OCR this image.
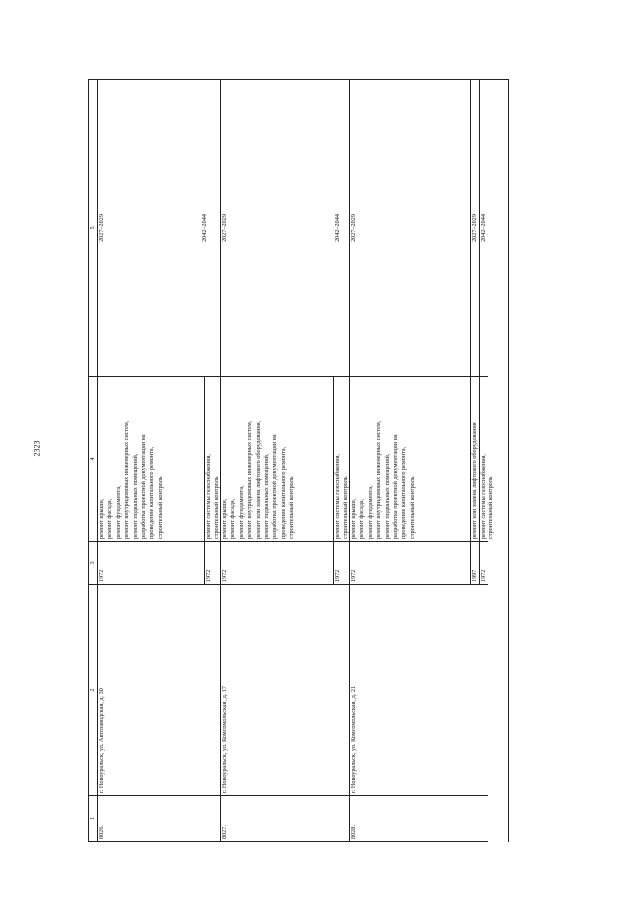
2323
1
2
3
4
5
8026.
г. Новоуральск, ул. Автозаводская, д. 30
1972
ремонт крыши, ремонт фасада, ремонт фундамента, ремонт внутридомовых инженерных систем, ремонт подвальных помещений, разработка проектной документации на проведение капитального ремонта, строительный контроль
2027–2029	2042–2044
1972
ремонт системы газоснабжения, строительный контроль
8027.
г. Новоуральск, ул. Комсомольская, д. 17
1972
ремонт крыши, ремонт фасада, ремонт фундамента, ремонт внутридомовых инженерных систем, ремонт или замена лифтового оборудования, ремонт подвальных помещений, разработка проектной документации на проведение капитального ремонта, строительный контроль
2027–2029	2042–2044
1972
ремонт системы газоснабжения, строительный контроль
8028.
г. Новоуральск, ул. Комсомольская, д. 21
1972
ремонт крыши, ремонт фасада, ремонт фундамента, ремонт внутридомовых инженерных систем, ремонт подвальных помещений, разработка проектной документации на проведение капитального ремонта, строительный контроль
2027–2029
1997
ремонт или замена лифтового оборудования
2027–2029
1972
ремонт системы газоснабжения, строительный контроль
2042–2044
